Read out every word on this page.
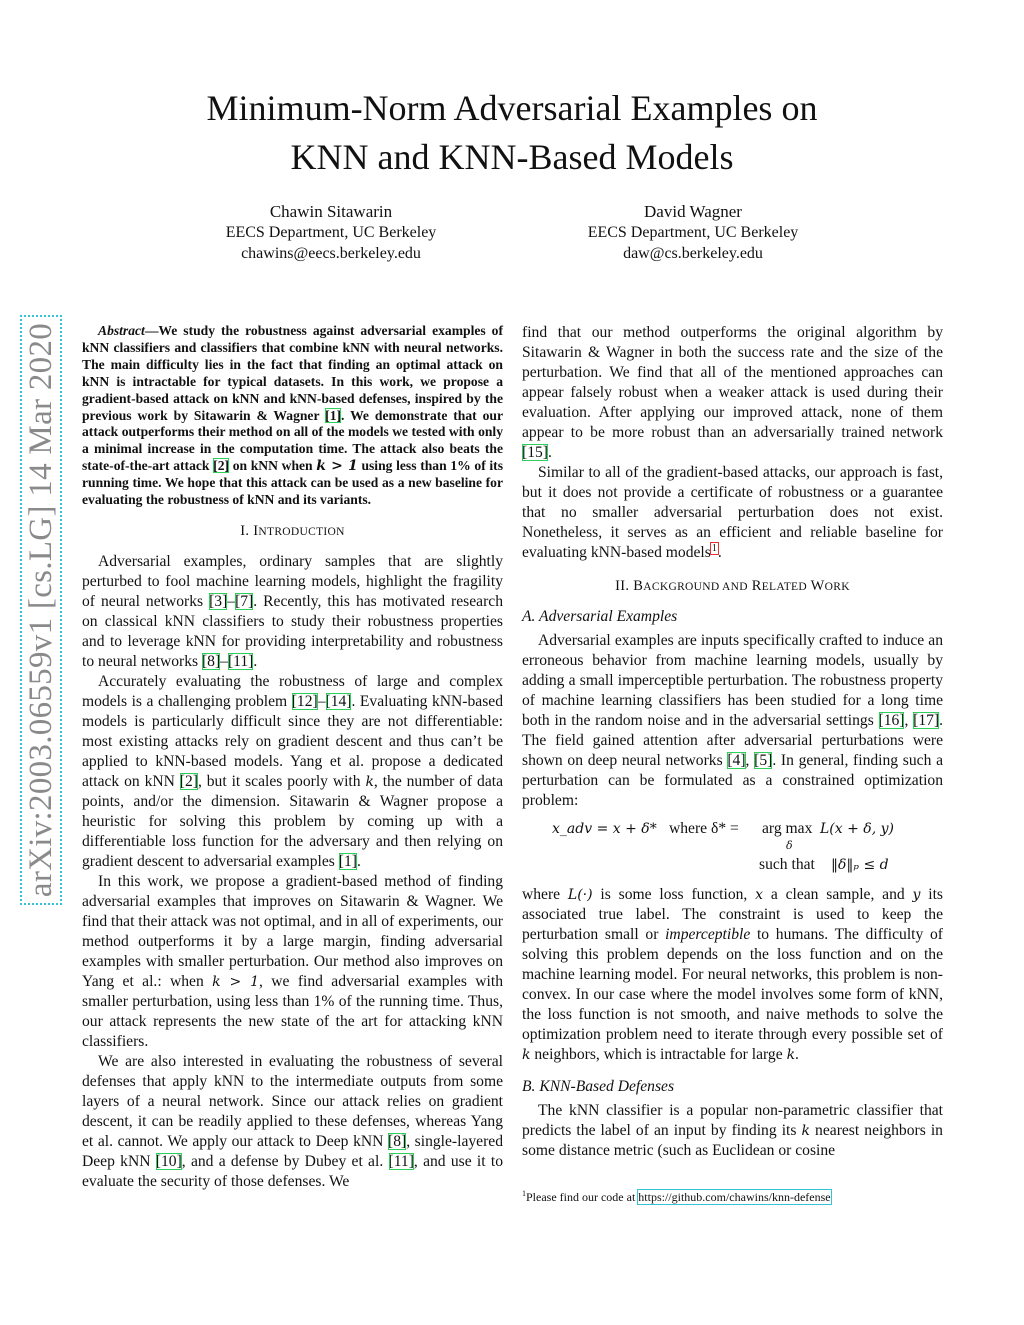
Minimum-Norm Adversarial Examples on
KNN and KNN-Based Models
Chawin Sitawarin
EECS Department, UC Berkeley
chawins@eecs.berkeley.edu
David Wagner
EECS Department, UC Berkeley
daw@cs.berkeley.edu
arXiv:2003.06559v1 [cs.LG] 14 Mar 2020	Abstract—We study the robustness against adversarial examples of kNN classifiers and classifiers that combine kNN with neural networks. The main difficulty lies in the fact that finding an optimal attack on kNN is intractable for typical datasets. In this work, we propose a gradient-based attack on kNN and kNN-based defenses, inspired by the previous work by Sitawarin & Wagner [1]. We demonstrate that our attack outperforms their method on all of the models we tested with only a minimal increase in the computation time. The attack also beats the state-of-the-art attack [2] on kNN when k > 1 using less than 1% of its running time. We hope that this attack can be used as a new baseline for evaluating the robustness of kNN and its variants.

I. INTRODUCTION

Adversarial examples, ordinary samples that are slightly perturbed to fool machine learning models, highlight the fragility of neural networks [3]–[7]. Recently, this has motivated research on classical kNN classifiers to study their robustness properties and to leverage kNN for providing interpretability and robustness to neural networks [8]–[11].

Accurately evaluating the robustness of large and complex models is a challenging problem [12]–[14]. Evaluating kNN-based models is particularly difficult since they are not differentiable: most existing attacks rely on gradient descent and thus can’t be applied to kNN-based models. Yang et al. propose a dedicated attack on kNN [2], but it scales poorly with k, the number of data points, and/or the dimension. Sitawarin & Wagner propose a heuristic for solving this problem by coming up with a differentiable loss function for the adversary and then relying on gradient descent to adversarial examples [1].

In this work, we propose a gradient-based method of finding adversarial examples that improves on Sitawarin & Wagner. We find that their attack was not optimal, and in all of experiments, our method outperforms it by a large margin, finding adversarial examples with smaller perturbation. Our method also improves on Yang et al.: when k > 1, we find adversarial examples with smaller perturbation, using less than 1% of the running time. Thus, our attack represents the new state of the art for attacking kNN classifiers.

We are also interested in evaluating the robustness of several defenses that apply kNN to the intermediate outputs from some layers of a neural network. Since our attack relies on gradient descent, it can be readily applied to these defenses, whereas Yang et al. cannot. We apply our attack to Deep kNN [8], single-layered Deep kNN [10], and a defense by Dubey et al. [11], and use it to evaluate the security of those defenses. We

find that our method outperforms the original algorithm by Sitawarin & Wagner in both the success rate and the size of the perturbation. We find that all of the mentioned approaches can appear falsely robust when a weaker attack is used during their evaluation. After applying our improved attack, none of them appear to be more robust than an adversarially trained network [15].

Similar to all of the gradient-based attacks, our approach is fast, but it does not provide a certificate of robustness or a guarantee that no smaller adversarial perturbation does not exist. Nonetheless, it serves as an efficient and reliable baseline for evaluating kNN-based models$^1$.

II. BACKGROUND AND RELATED WORK
A. Adversarial Examples

Adversarial examples are inputs specifically crafted to induce an erroneous behavior from machine learning models, usually by adding a small imperceptible perturbation. The robustness property of machine learning classifiers has been studied for a long time both in the random noise and in the adversarial settings [16], [17]. The field gained attention after adversarial perturbations were shown on deep neural networks [4], [5]. In general, finding such a perturbation can be formulated as a constrained optimization problem:

x_adv = x + δ* where δ* = arg max
δ
L(x + δ, y)
such that ‖δ‖ₚ ≤ d

where L(·) is some loss function, x a clean sample, and y its associated true label. The constraint is used to keep the perturbation small or imperceptible to humans. The difficulty of solving this problem depends on the loss function and on the machine learning model. For neural networks, this problem is non-convex. In our case where the model involves some form of kNN, the loss function is not smooth, and naive methods to solve the optimization problem need to iterate through every possible set of k neighbors, which is intractable for large k.

B. KNN-Based Defenses

The kNN classifier is a popular non-parametric classifier that predicts the label of an input by finding its k nearest neighbors in some distance metric (such as Euclidean or cosine

$^1$Please find our code at https://github.com/chawins/knn-defense
